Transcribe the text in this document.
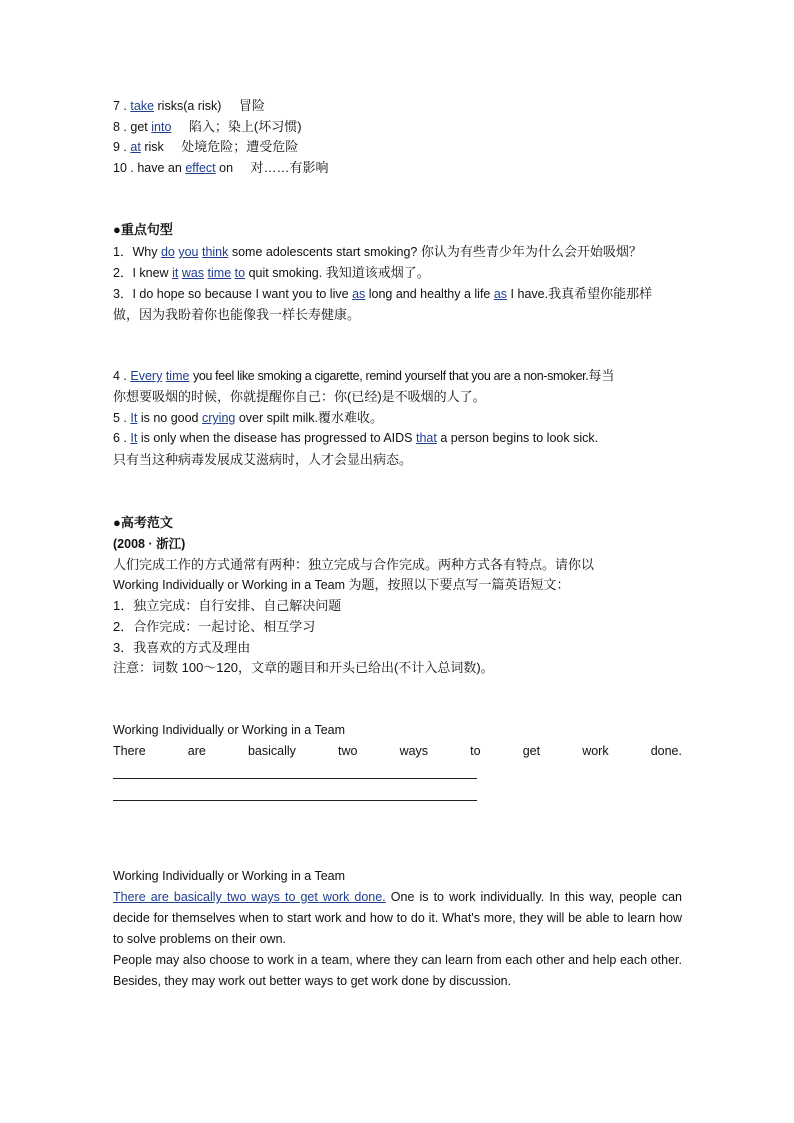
7 . take risks(a risk) 冒险
8 . get into 陷入；染上(坏习惯)
9 . at risk 处境危险；遭受危险
10 . have an effect on 对……有影响
●重点句型
1．Why do you think some adolescents start smoking? 你认为有些青少年为什么会开始吸烟？
2．I knew it was time to quit smoking. 我知道该戒烟了。
3．I do hope so because I want you to live as long and healthy a life as I have.我真希望你能那样
做，因为我盼着你也能像我一样长寿健康。
4 . Every time you feel like smoking a cigarette, remind yourself that you are a non‑smoker.每当
你想要吸烟的时候，你就提醒你自己：你(已经)是不吸烟的人了。
5 . It is no good crying over spilt milk.覆水难收。
6 . It is only when the disease has progressed to AIDS that a person begins to look sick.
只有当这种病毒发展成艾滋病时，人才会显出病态。
●高考范文
(2008 · 浙江)
人们完成工作的方式通常有两种：独立完成与合作完成。两种方式各有特点。请你以
Working Individually or Working in a Team 为题，按照以下要点写一篇英语短文：
1．独立完成：自行安排、自己解决问题
2．合作完成：一起讨论、相互学习
3．我喜欢的方式及理由
注意：词数 100～120，文章的题目和开头已给出(不计入总词数)。
Working Individually or Working in a Team
There are basically two ways to get work done.
Working Individually or Working in a Team
There are basically two ways to get work done. One is to work individually. In this way, people can decide for themselves when to start work and how to do it. What's more, they will be able to learn how to solve problems on their own.
People may also choose to work in a team, where they can learn from each other and help each other. Besides, they may work out better ways to get work done by discussion.
